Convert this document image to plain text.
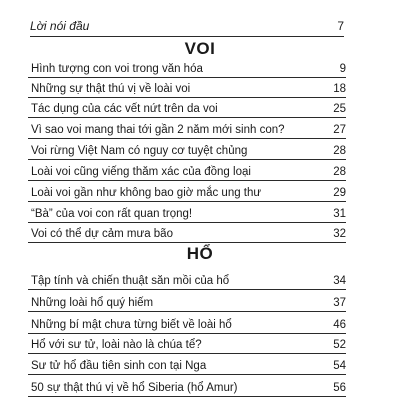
Lời nói đầu	7
VOI
Hình tượng con voi trong văn hóa	9
Những sự thật thú vị về loài voi	18
Tác dụng của các vết nứt trên da voi	25
Vì sao voi mang thai tới gần 2 năm mới sinh con?	27
Voi rừng Việt Nam có nguy cơ tuyệt chủng	28
Loài voi cũng viếng thăm xác của đồng loại	28
Loài voi gần như không bao giờ mắc ung thư	29
“Bà” của voi con rất quan trọng!	31
Voi có thể dự cảm mưa bão	32
HỔ
Tập tính và chiến thuật săn mồi của hổ	34
Những loài hổ quý hiếm	37
Những bí mật chưa từng biết về loài hổ	46
Hổ với sư tử, loài nào là chúa tể?	52
Sư tử hổ đầu tiên sinh con tại Nga	54
50 sự thật thú vị về hổ Siberia (hổ Amur)	56
